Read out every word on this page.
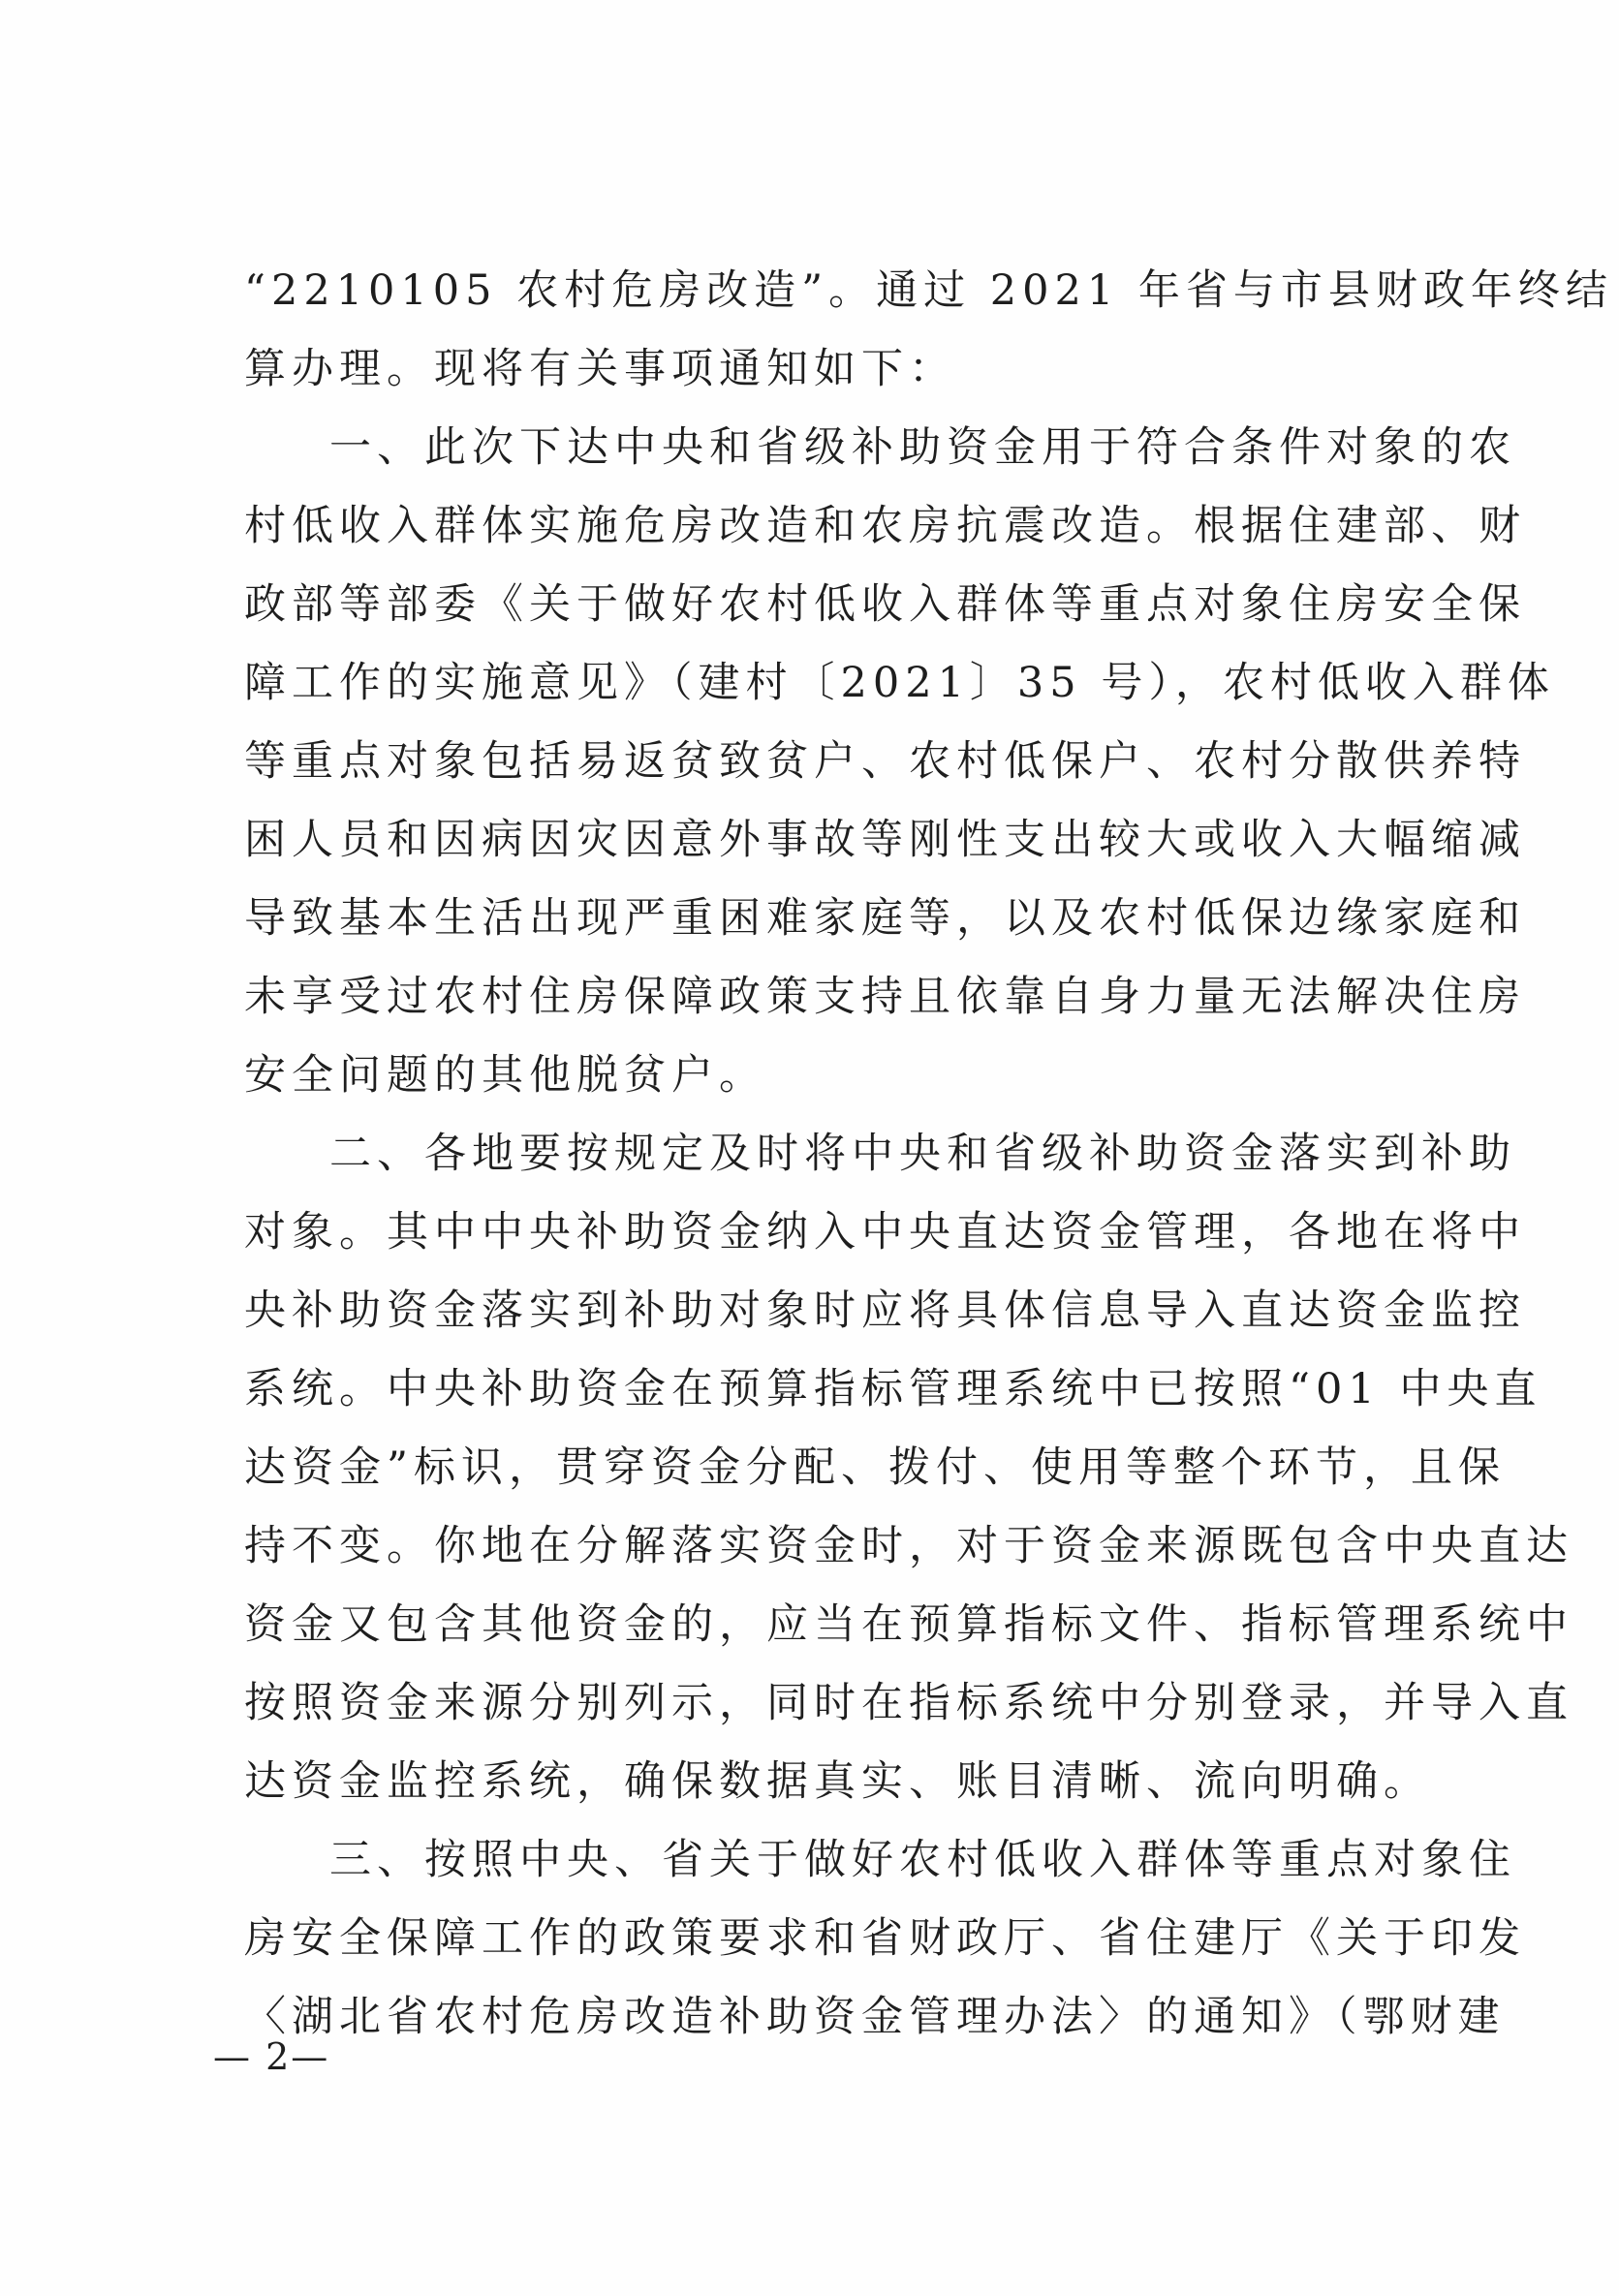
“2210105 农村危房改造”。通过 2021 年省与市县财政年终结
算办理。现将有关事项通知如下：
一、此次下达中央和省级补助资金用于符合条件对象的农
村低收入群体实施危房改造和农房抗震改造。根据住建部、财
政部等部委《关于做好农村低收入群体等重点对象住房安全保
障工作的实施意见》（建村〔2021〕35 号），农村低收入群体
等重点对象包括易返贫致贫户、农村低保户、农村分散供养特
困人员和因病因灾因意外事故等刚性支出较大或收入大幅缩减
导致基本生活出现严重困难家庭等，以及农村低保边缘家庭和
未享受过农村住房保障政策支持且依靠自身力量无法解决住房
安全问题的其他脱贫户。
二、各地要按规定及时将中央和省级补助资金落实到补助
对象。其中中央补助资金纳入中央直达资金管理，各地在将中
央补助资金落实到补助对象时应将具体信息导入直达资金监控
系统。中央补助资金在预算指标管理系统中已按照“01 中央直
达资金”标识，贯穿资金分配、拨付、使用等整个环节，且保
持不变。你地在分解落实资金时，对于资金来源既包含中央直达
资金又包含其他资金的，应当在预算指标文件、指标管理系统中
按照资金来源分别列示，同时在指标系统中分别登录，并导入直
达资金监控系统，确保数据真实、账目清晰、流向明确。
三、按照中央、省关于做好农村低收入群体等重点对象住
房安全保障工作的政策要求和省财政厅、省住建厅《关于印发
〈湖北省农村危房改造补助资金管理办法〉的通知》（鄂财建
— 2—
